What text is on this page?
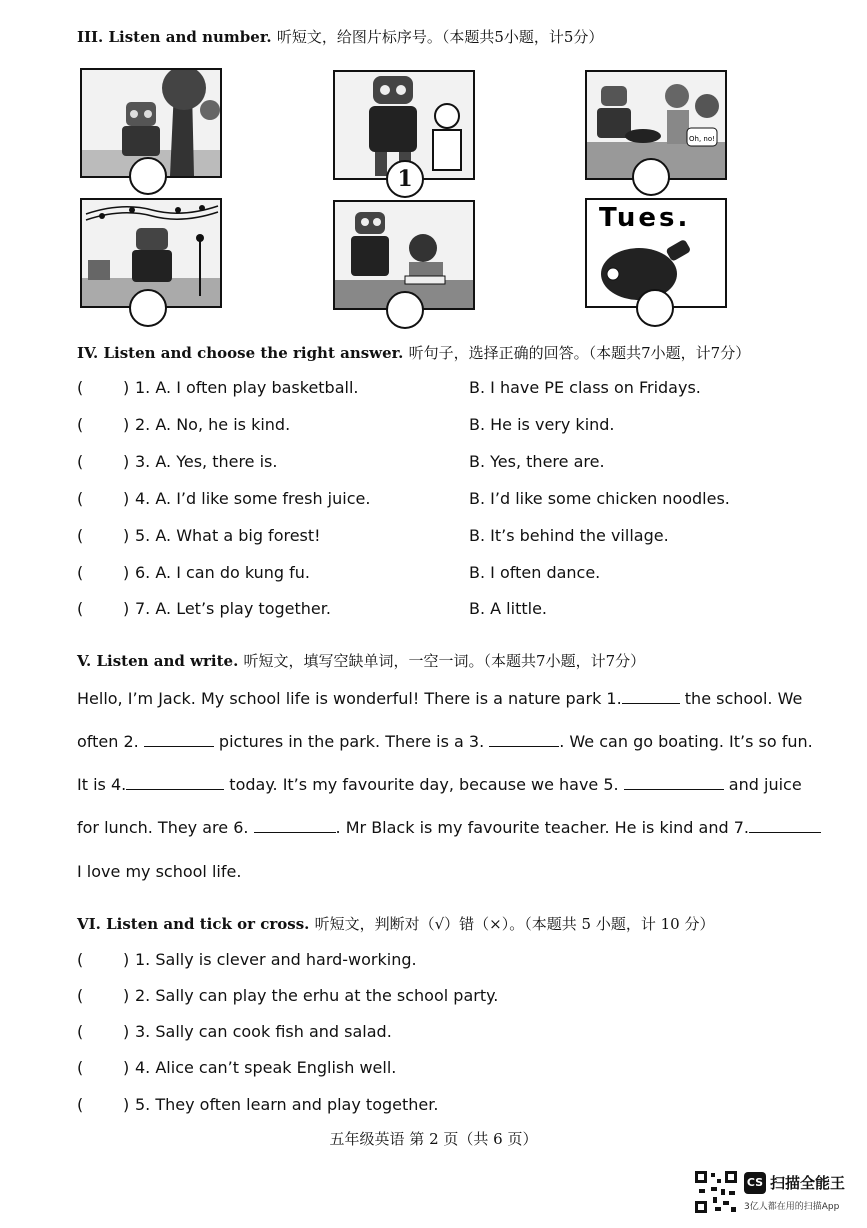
III. Listen and number. 听短文，给图片标序号。（本题共5小题，计5分）
1
Oh, no!
Tues.
IV. Listen and choose the right answer. 听句子，选择正确的回答。（本题共7小题，计7分）
( ) 1. A. I often play basketball.	B. I have PE class on Fridays.
( ) 2. A. No, he is kind.	B. He is very kind.
( ) 3. A. Yes, there is.	B. Yes, there are.
( ) 4. A. I’d like some fresh juice.	B. I’d like some chicken noodles.
( ) 5. A. What a big forest!	B. It’s behind the village.
( ) 6. A. I can do kung fu.	B. I often dance.
( ) 7. A. Let’s play together.	B. A little.
V. Listen and write. 听短文，填写空缺单词，一空一词。（本题共7小题，计7分）
Hello, I’m Jack. My school life is wonderful! There is a nature park 1.	the school. We
often 2.	pictures in the park. There is a 3.	. We can go boating. It’s so fun.
It is 4.	today. It’s my favourite day, because we have 5.	and juice
for lunch. They are 6.	. Mr Black is my favourite teacher. He is kind and 7.
I love my school life.
VI. Listen and tick or cross. 听短文，判断对（√）错（×）。（本题共 5 小题，计 10 分）
( ) 1. Sally is clever and hard-working.
( ) 2. Sally can play the erhu at the school party.
( ) 3. Sally can cook fish and salad.
( ) 4. Alice can’t speak English well.
( ) 5. They often learn and play together.
五年级英语 第 2 页（共 6 页）
CS 扫描全能王
3亿人都在用的扫描App
